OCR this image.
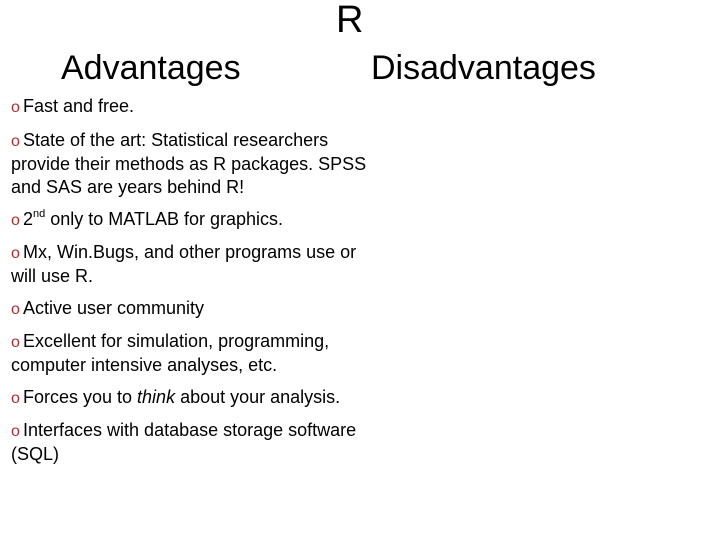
R
Advantages	Disadvantages
o Fast and free.
o State of the art: Statistical researchers provide their methods as R packages. SPSS and SAS are years behind R!
o 2nd only to MATLAB for graphics.
o Mx, Win.Bugs, and other programs use or will use R.
o Active user community
o Excellent for simulation, programming, computer intensive analyses, etc.
o Forces you to think about your analysis.
o Interfaces with database storage software (SQL)
